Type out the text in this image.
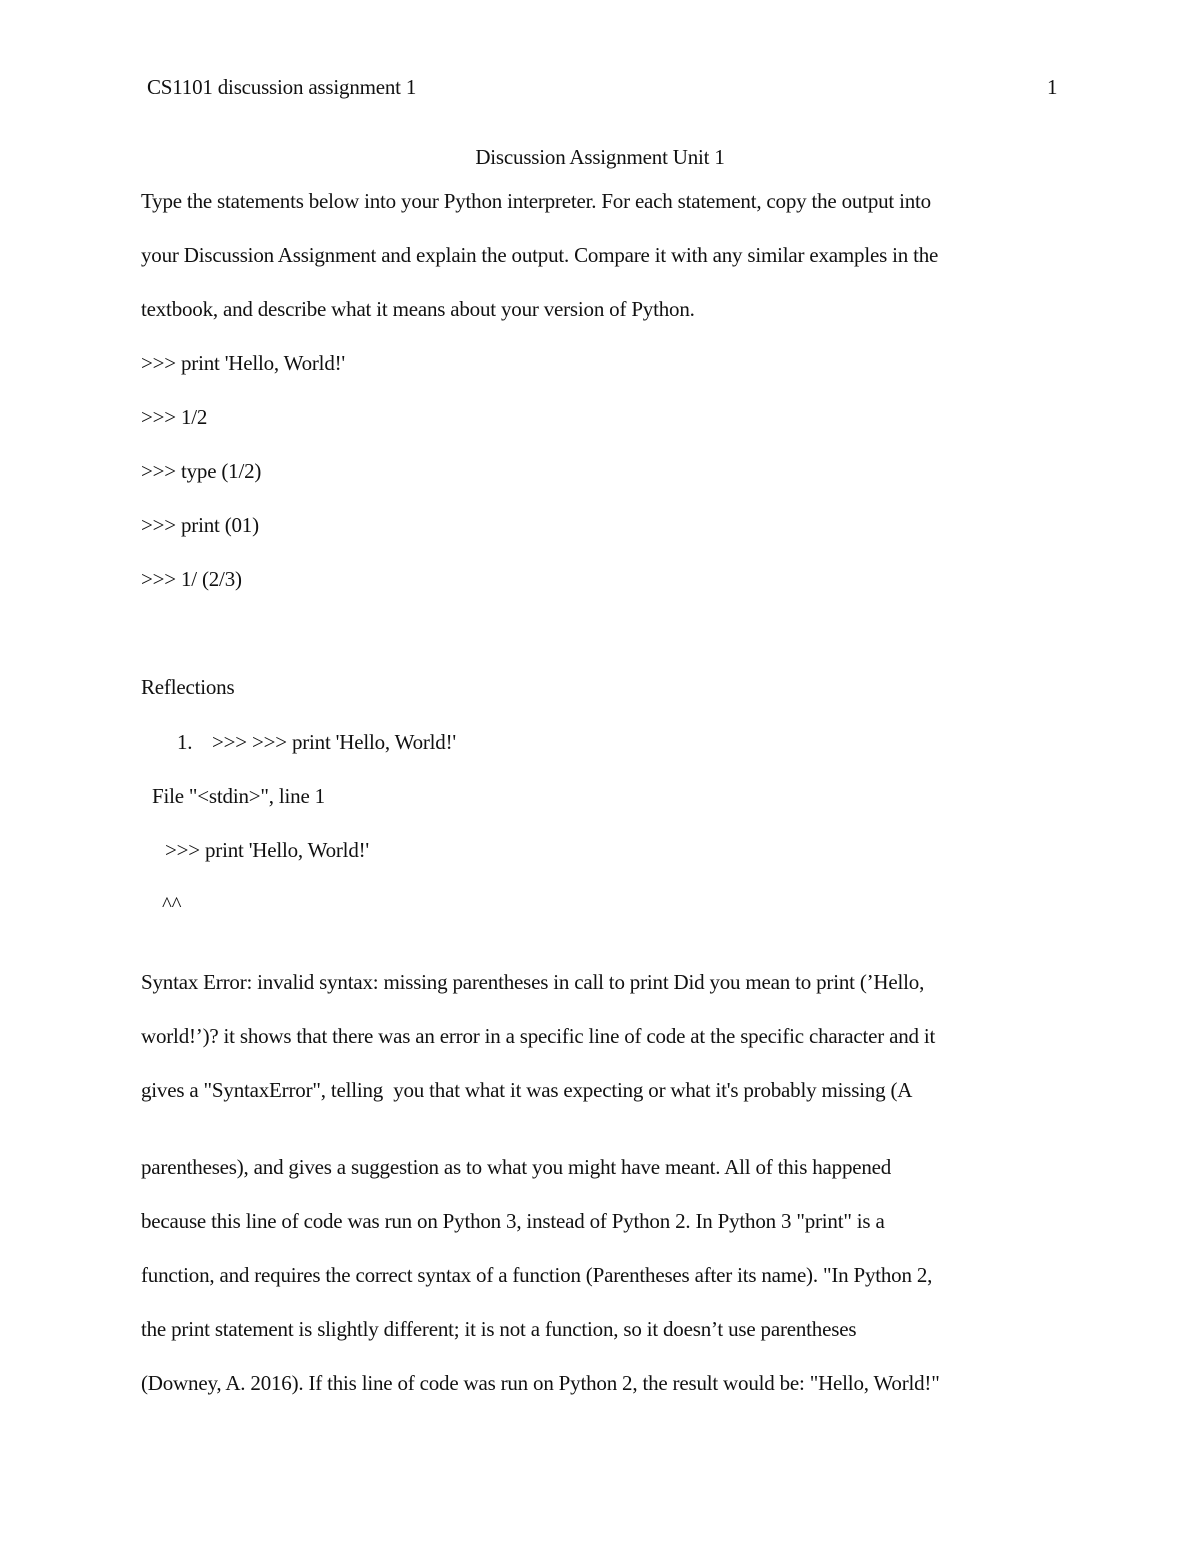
CS1101 discussion assignment 1	1
Discussion Assignment Unit 1
Type the statements below into your Python interpreter. For each statement, copy the output into
your Discussion Assignment and explain the output. Compare it with any similar examples in the
textbook, and describe what it means about your version of Python.
>>> print 'Hello, World!'
>>> 1/2
>>> type (1/2)
>>> print (01)
>>> 1/ (2/3)
Reflections
1. >>> >>> print 'Hello, World!'
File "<stdin>", line 1
>>> print 'Hello, World!'
^^
Syntax Error: invalid syntax: missing parentheses in call to print Did you mean to print (’Hello,
world!’)? it shows that there was an error in a specific line of code at the specific character and it
gives a "SyntaxError", telling  you that what it was expecting or what it's probably missing (A
parentheses), and gives a suggestion as to what you might have meant. All of this happened
because this line of code was run on Python 3, instead of Python 2. In Python 3 "print" is a
function, and requires the correct syntax of a function (Parentheses after its name). "In Python 2,
the print statement is slightly different; it is not a function, so it doesn’t use parentheses
(Downey, A. 2016). If this line of code was run on Python 2, the result would be: "Hello, World!"
